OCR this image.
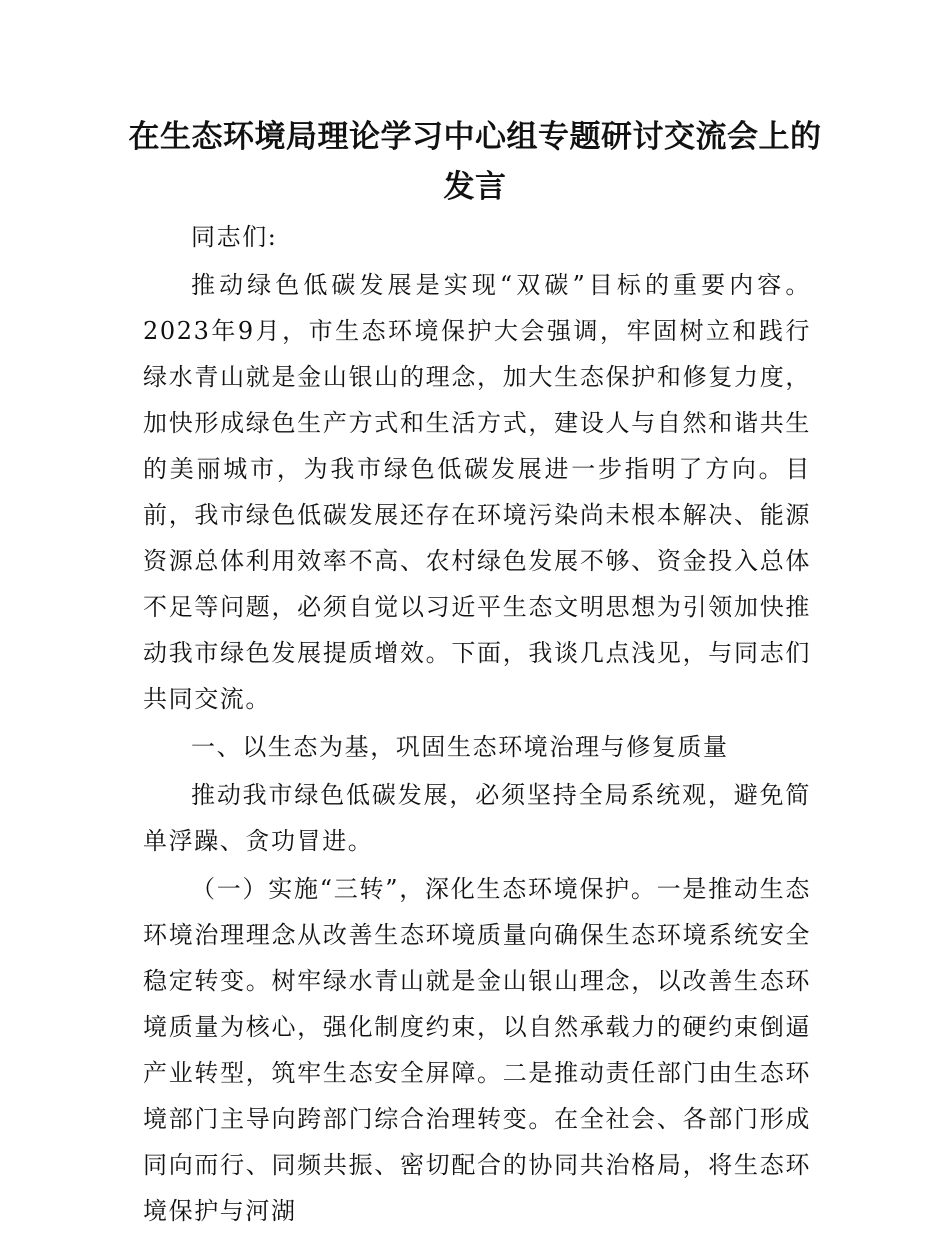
在生态环境局理论学习中心组专题研讨交流会上的发言

同志们:

推动绿色低碳发展是实现“双碳”目标的重要内容。2023年9月，市生态环境保护大会强调，牢固树立和践行绿水青山就是金山银山的理念，加大生态保护和修复力度，加快形成绿色生产方式和生活方式，建设人与自然和谐共生的美丽城市，为我市绿色低碳发展进一步指明了方向。目前，我市绿色低碳发展还存在环境污染尚未根本解决、能源资源总体利用效率不高、农村绿色发展不够、资金投入总体不足等问题，必须自觉以习近平生态文明思想为引领加快推动我市绿色发展提质增效。下面，我谈几点浅见，与同志们共同交流。

一、以生态为基，巩固生态环境治理与修复质量

推动我市绿色低碳发展，必须坚持全局系统观，避免简单浮躁、贪功冒进。

（一）实施“三转”，深化生态环境保护。一是推动生态环境治理理念从改善生态环境质量向确保生态环境系统安全稳定转变。树牢绿水青山就是金山银山理念，以改善生态环境质量为核心，强化制度约束，以自然承载力的硬约束倒逼产业转型，筑牢生态安全屏障。二是推动责任部门由生态环境部门主导向跨部门综合治理转变。在全社会、各部门形成同向而行、同频共振、密切配合的协同共治格局，将生态环境保护与河湖
